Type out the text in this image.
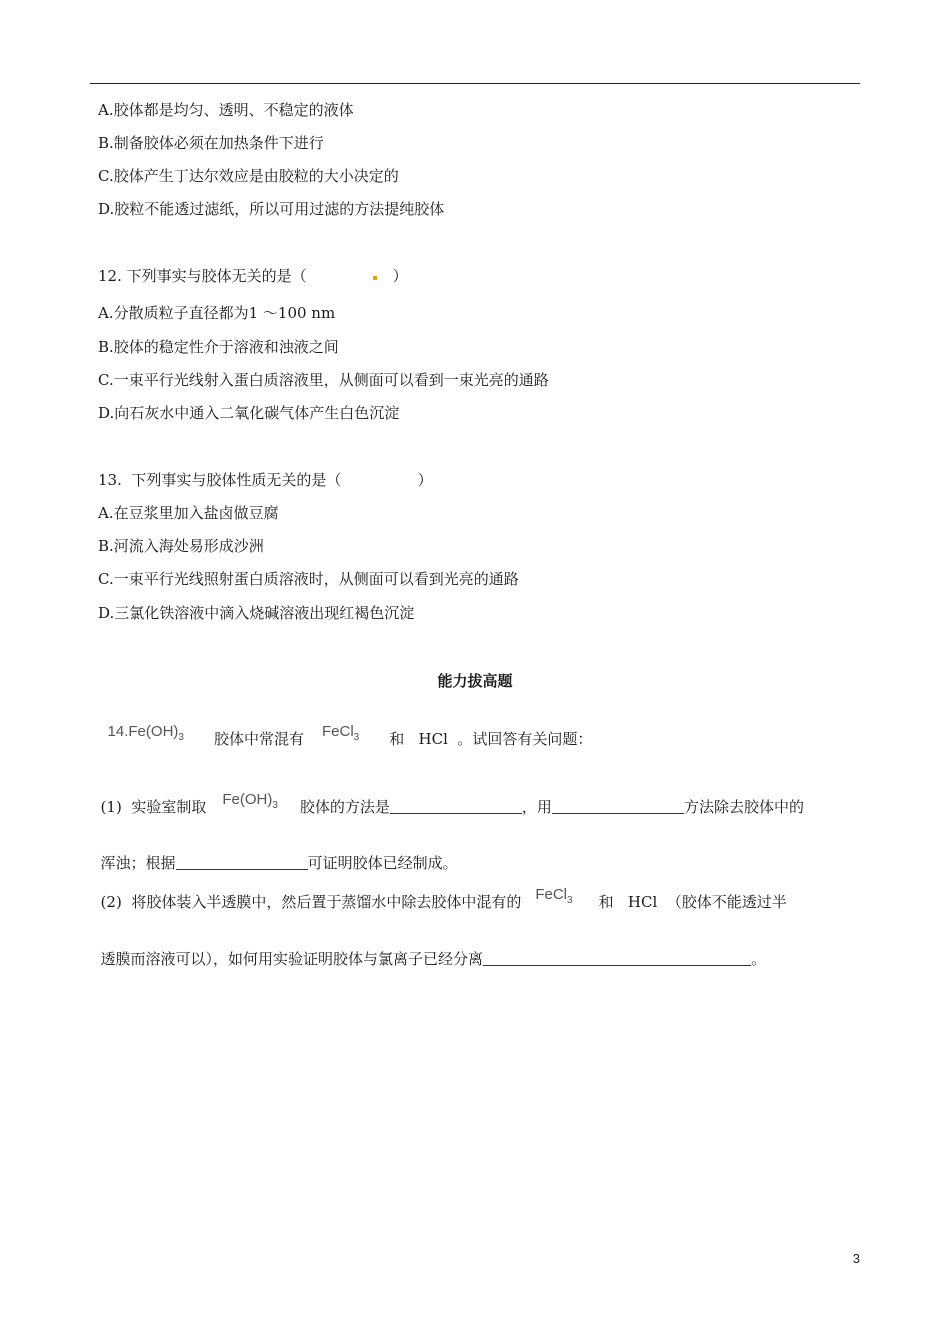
A.胶体都是均匀、透明、不稳定的液体
B.制备胶体必须在加热条件下进行
C.胶体产生丁达尔效应是由胶粒的大小决定的
D.胶粒不能透过滤纸，所以可用过滤的方法提纯胶体
12. 下列事实与胶体无关的是（	）
A.分散质粒子直径都为1 ～100 nm
B.胶体的稳定性介于溶液和浊液之间
C.一束平行光线射入蛋白质溶液里，从侧面可以看到一束光亮的通路
D.向石灰水中通入二氧化碳气体产生白色沉淀
13.  下列事实与胶体性质无关的是（                ）
A.在豆浆里加入盐卤做豆腐
B.河流入海处易形成沙洲
C.一束平行光线照射蛋白质溶液时，从侧面可以看到光亮的通路
D.三氯化铁溶液中滴入烧碱溶液出现红褐色沉淀
能力拔高题

$14.Fe(OH)_3$ 胶体中常混有 FeCl$_3$ 和   HCl  。试回答有关问题：

(1)  实验室制取 $Fe(OH)_3$ 胶体的方法是	，用	方法除去胶体中的

浑浊；根据	可证明胶体已经制成。

(2)  将胶体装入半透膜中，然后置于蒸馏水中除去胶体中混有的 FeCl$_3$ 和   HCl  （胶体不能透过半

透膜而溶液可以），如何用实验证明胶体与氯离子已经分离	。

3
